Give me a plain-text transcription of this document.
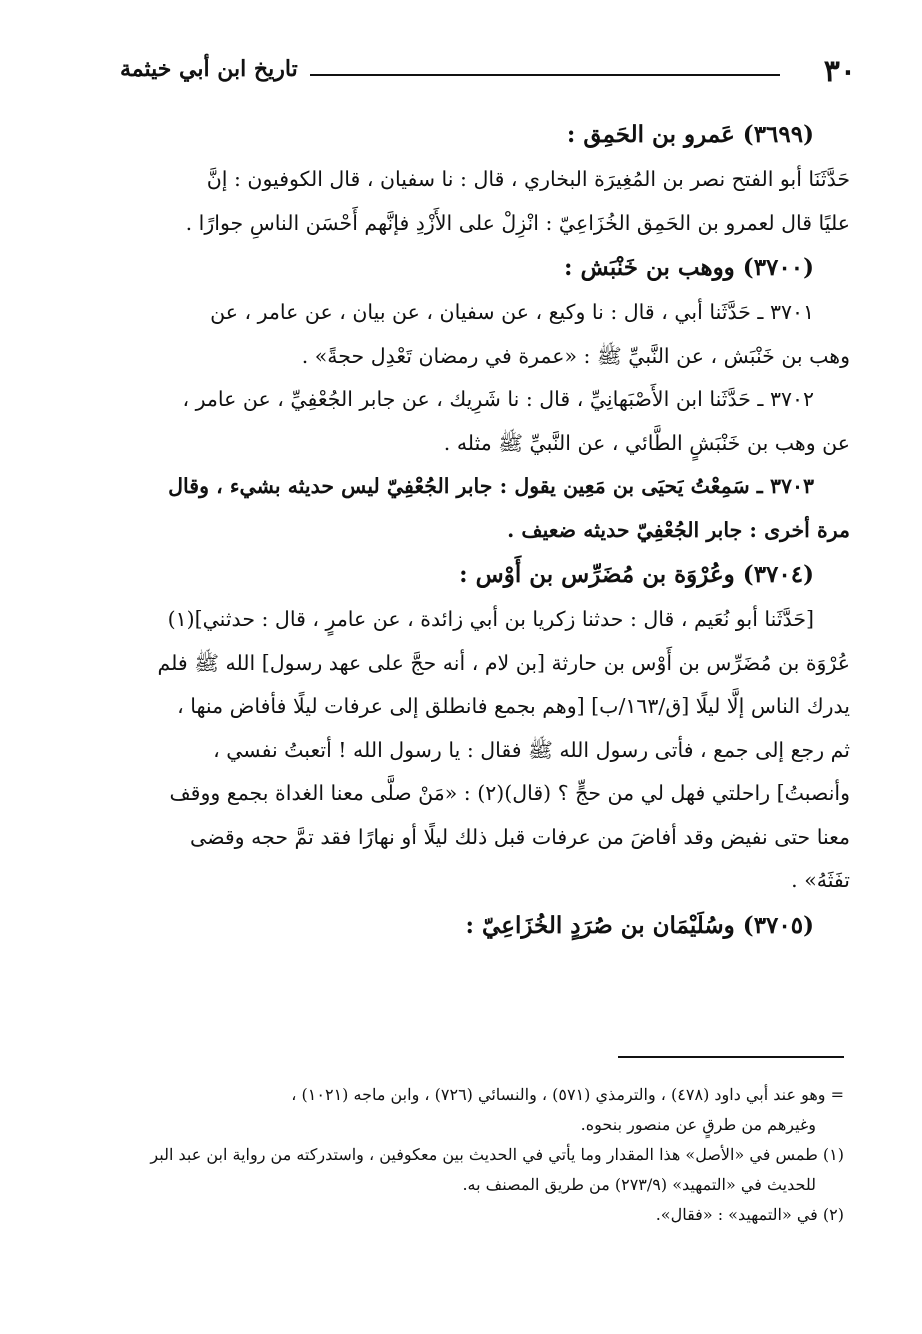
٣٠
تاريخ ابن أبي خيثمة
(٣٦٩٩) عَمرو بن الحَمِق :
حَدَّثَنَا أبو الفتح نصر بن المُغِيرَة البخاري ، قال : نا سفيان ، قال الكوفيون : إنَّ
عليًا قال لعمرو بن الحَمِق الخُزَاعِيّ : انْزِلْ على الأَزْدِ فإنَّهم أَحْسَن الناسِ جوارًا .
(٣٧٠٠) ووهب بن خَنْبَش :
٣٧٠١ ـ حَدَّثَنا أبي ، قال : نا وكيع ، عن سفيان ، عن بيان ، عن عامر ، عن
وهب بن خَنْبَش ، عن النَّبيِّ ﷺ : «عمرة في رمضان تَعْدِل حجةً» .
٣٧٠٢ ـ حَدَّثَنا ابن الأَصْبَهانِيِّ ، قال : نا شَرِيك ، عن جابر الجُعْفِيِّ ، عن عامر ،
عن وهب بن خَنْبَشٍ الطَّائي ، عن النَّبيِّ ﷺ مثله .
٣٧٠٣ ـ سَمِعْتُ يَحيَى بن مَعِين يقول : جابر الجُعْفِيّ ليس حديثه بشيء ، وقال
مرة أخرى : جابر الجُعْفِيّ حديثه ضعيف .
(٣٧٠٤) وعُرْوَة بن مُضَرِّس بن أَوْس :
[حَدَّثَنا أبو نُعَيم ، قال : حدثنا زكريا بن أبي زائدة ، عن عامرٍ ، قال : حدثني](١)
عُرْوَة بن مُضَرِّس بن أَوْس بن حارثة [بن لام ، أنه حجَّ على عهد رسول] الله ﷺ فلم
يدرك الناس إلَّا ليلًا [ق/١٦٣/ب] [وهم بجمع فانطلق إلى عرفات ليلًا فأفاض منها ،
ثم رجع إلى جمع ، فأتى رسول الله ﷺ فقال : يا رسول الله ! أتعبتُ نفسي ،
وأنصبتُ] راحلتي فهل لي من حجٍّ ؟ (قال)(٢) : «مَنْ صلَّى معنا الغداة بجمع ووقف
معنا حتى نفيض وقد أفاضَ من عرفات قبل ذلك ليلًا أو نهارًا فقد تمَّ حجه وقضى
تفَثَهُ» .
(٣٧٠٥) وسُلَيْمَان بن صُرَدٍ الخُزَاعِيّ :
= وهو عند أبي داود (٤٧٨) ، والترمذي (٥٧١) ، والنسائي (٧٢٦) ، وابن ماجه (١٠٢١) ،
وغيرهم من طرقٍ عن منصور بنحوه.
(١) طمس في «الأصل» هذا المقدار وما يأتي في الحديث بين معكوفين ، واستدركته من رواية ابن عبد البر
للحديث في «التمهيد» (٢٧٣/٩) من طريق المصنف به.
(٢) في «التمهيد» : «فقال».
